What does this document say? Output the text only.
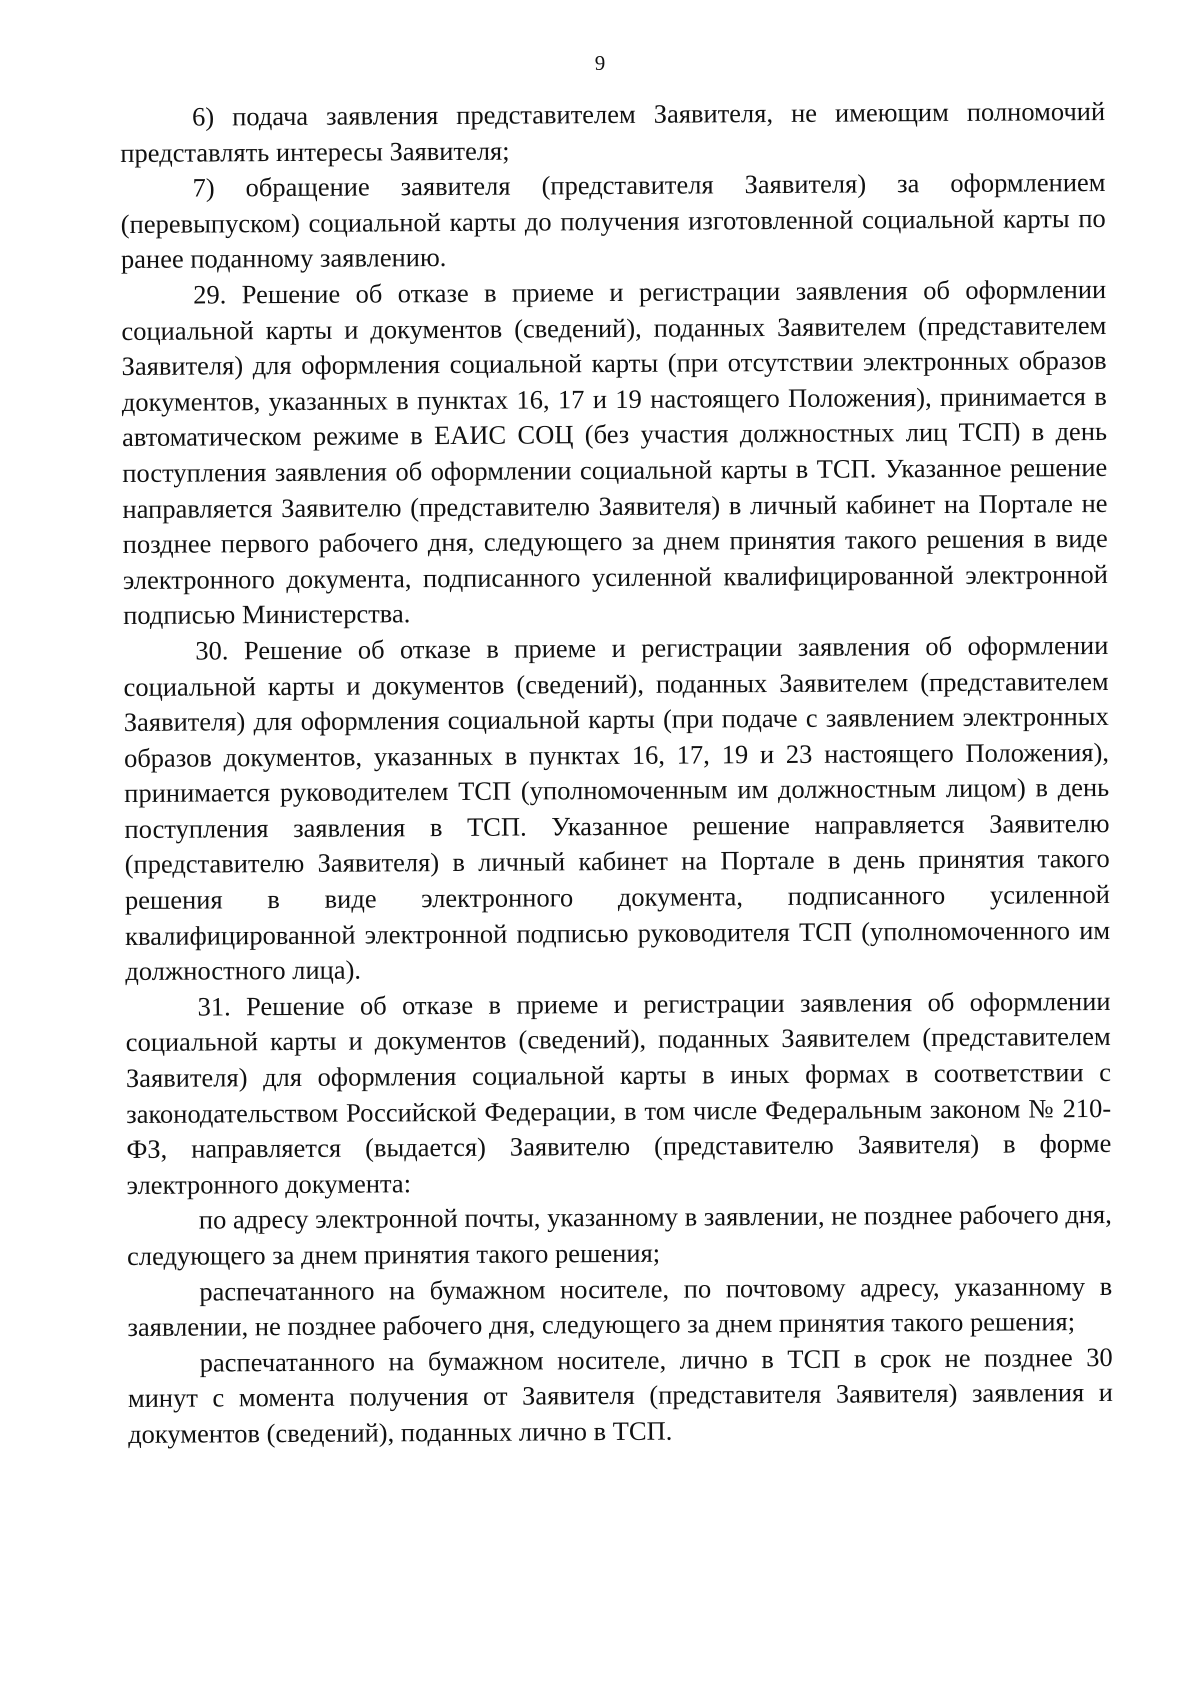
9

6) подача заявления представителем Заявителя, не имеющим полномочий представлять интересы Заявителя;

7) обращение заявителя (представителя Заявителя) за оформлением (перевыпуском) социальной карты до получения изготовленной социальной карты по ранее поданному заявлению.

29. Решение об отказе в приеме и регистрации заявления об оформлении социальной карты и документов (сведений), поданных Заявителем (представителем Заявителя) для оформления социальной карты (при отсутствии электронных образов документов, указанных в пунктах 16, 17 и 19 настоящего Положения), принимается в автоматическом режиме в ЕАИС СОЦ (без участия должностных лиц ТСП) в день поступления заявления об оформлении социальной карты в ТСП. Указанное решение направляется Заявителю (представителю Заявителя) в личный кабинет на Портале не позднее первого рабочего дня, следующего за днем принятия такого решения в виде электронного документа, подписанного усиленной квалифицированной электронной подписью Министерства.

30. Решение об отказе в приеме и регистрации заявления об оформлении социальной карты и документов (сведений), поданных Заявителем (представителем Заявителя) для оформления социальной карты (при подаче с заявлением электронных образов документов, указанных в пунктах 16, 17, 19 и 23 настоящего Положения), принимается руководителем ТСП (уполномоченным им должностным лицом) в день поступления заявления в ТСП. Указанное решение направляется Заявителю (представителю Заявителя) в личный кабинет на Портале в день принятия такого решения в виде электронного документа, подписанного усиленной квалифицированной электронной подписью руководителя ТСП (уполномоченного им должностного лица).

31. Решение об отказе в приеме и регистрации заявления об оформлении социальной карты и документов (сведений), поданных Заявителем (представителем Заявителя) для оформления социальной карты в иных формах в соответствии с законодательством Российской Федерации, в том числе Федеральным законом № 210-ФЗ, направляется (выдается) Заявителю (представителю Заявителя) в форме электронного документа:

по адресу электронной почты, указанному в заявлении, не позднее рабочего дня, следующего за днем принятия такого решения;

распечатанного на бумажном носителе, по почтовому адресу, указанному в заявлении, не позднее рабочего дня, следующего за днем принятия такого решения;

распечатанного на бумажном носителе, лично в ТСП в срок не позднее 30 минут с момента получения от Заявителя (представителя Заявителя) заявления и документов (сведений), поданных лично в ТСП.
